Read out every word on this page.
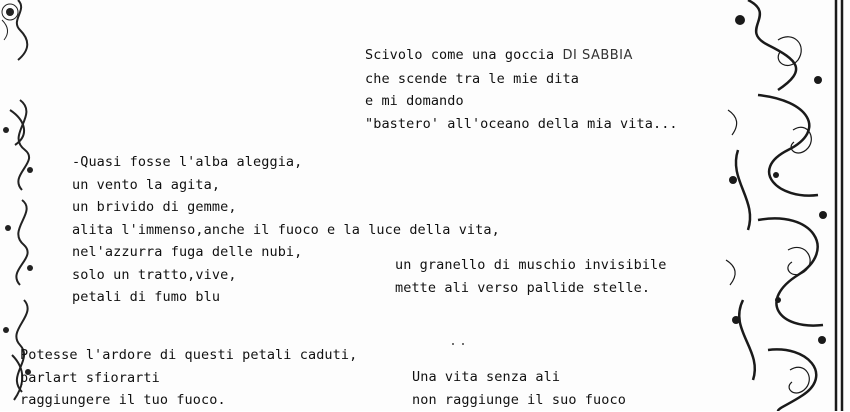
Scivolo come una goccia DI SABBIA
che scende tra le mie dita
e mi domando
"bastero' all'oceano della mia vita...
-Quasi fosse l'alba aleggia,
un vento la agita,
un brivido di gemme,
alita l'immenso,anche il fuoco e la luce della vita,
nel'azzurra fuga delle nubi,
solo un tratto,vive,
petali di fumo blu
un granello di muschio invisibile
mette ali verso pallide stelle.
Potesse l'ardore di questi petali caduti,
parlart sfiorarti
raggiungere il tuo fuoco.
Una vita senza ali
non raggiunge il suo fuoco
